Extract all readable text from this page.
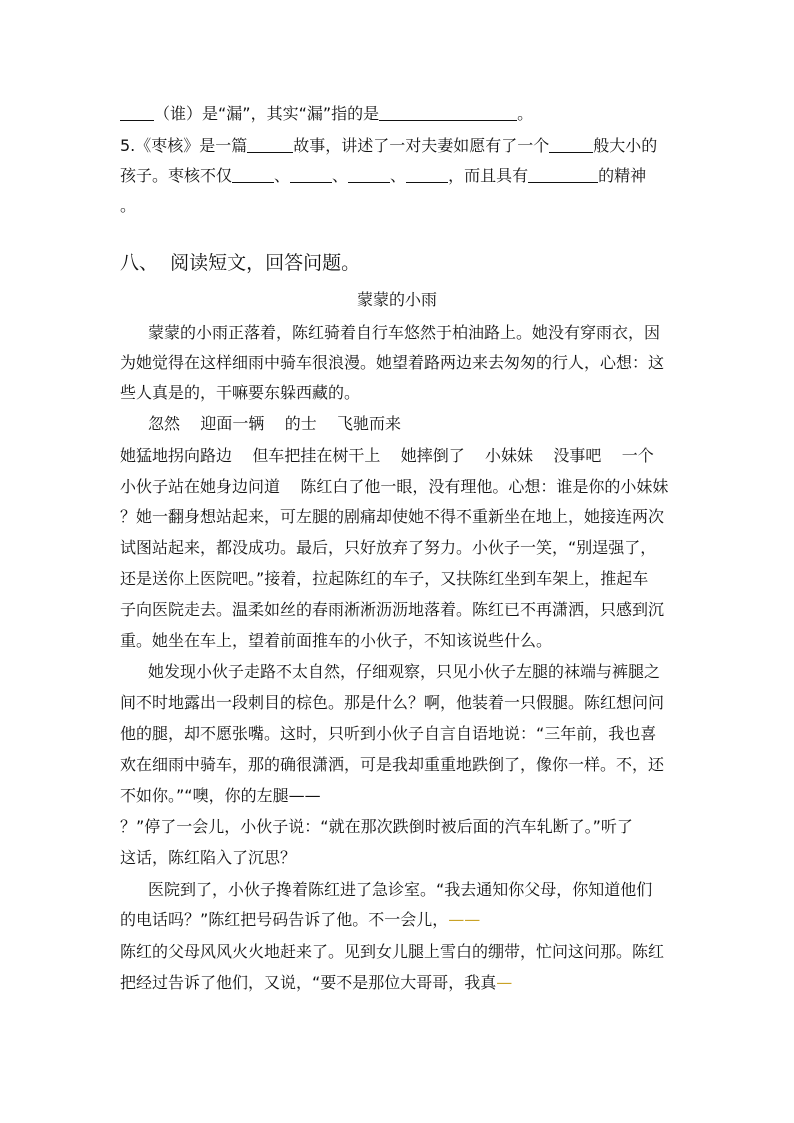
（谁）是“漏”，其实“漏”指的是	。
5.《枣核》是一篇	故事，讲述了一对夫妻如愿有了一个	般大小的
孩子。枣核不仅	、	、	、	，而且具有	的精神
。
八、  阅读短文，回答问题。
蒙蒙的小雨
蒙蒙的小雨正落着，陈红骑着自行车悠然于柏油路上。她没有穿雨衣，因
为她觉得在这样细雨中骑车很浪漫。她望着路两边来去匆匆的行人，心想：这
些人真是的，干嘛要东躲西藏的。
忽然    迎面一辆    的士    飞驰而来
她猛地拐向路边    但车把挂在树干上    她摔倒了    小妹妹    没事吧    一个
小伙子站在她身边问道    陈红白了他一眼，没有理他。心想：谁是你的小妹妹
？她一翻身想站起来，可左腿的剧痛却使她不得不重新坐在地上，她接连两次
试图站起来，都没成功。最后，只好放弃了努力。小伙子一笑，“别逞强了，
还是送你上医院吧。”接着，拉起陈红的车子，又扶陈红坐到车架上，推起车
子向医院走去。温柔如丝的春雨淅淅沥沥地落着。陈红已不再潇洒，只感到沉
重。她坐在车上，望着前面推车的小伙子，不知该说些什么。
她发现小伙子走路不太自然，仔细观察，只见小伙子左腿的袜端与裤腿之
间不时地露出一段刺目的棕色。那是什么？啊，他装着一只假腿。陈红想问问
他的腿，却不愿张嘴。这时，只听到小伙子自言自语地说：“三年前，我也喜
欢在细雨中骑车，那的确很潇洒，可是我却重重地跌倒了，像你一样。不，还
不如你。”“噢，你的左腿——
？”停了一会儿，小伙子说：“就在那次跌倒时被后面的汽车轧断了。”听了
这话，陈红陷入了沉思？
医院到了，小伙子搀着陈红进了急诊室。“我去通知你父母，你知道他们
的电话吗？”陈红把号码告诉了他。不一会儿，——
陈红的父母风风火火地赶来了。见到女儿腿上雪白的绷带，忙问这问那。陈红
把经过告诉了他们，又说，“要不是那位大哥哥，我真—
